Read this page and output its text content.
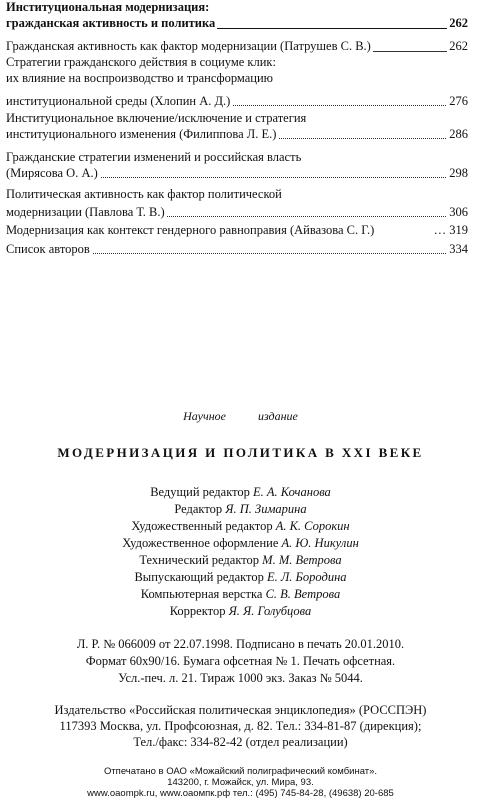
Институциональная модернизация:
гражданская активность и политика	262
Гражданская активность как фактор модернизации (Патрушев С. В.)	262
Стратегии гражданского действия в социуме клик:
их влияние на воспроизводство и трансформацию
институциональной среды (Хлопин А. Д.)	276
Институциональное включение/исключение и стратегия
институционального изменения (Филиппова Л. Е.)	286
Гражданские стратегии изменений и российская власть
(Мирясова О. А.)	298
Политическая активность как фактор политической
модернизации (Павлова Т. В.)	306
Модернизация как контекст гендерного равноправия (Айвазова С. Г.)	… 319
Список авторов	334
Научное	издание
МОДЕРНИЗАЦИЯ И ПОЛИТИКА В XXI ВЕКЕ
Ведущий редактор Е. А. Кочанова
Редактор Я. П. Зимарина
Художественный редактор А. К. Сорокин
Художественное оформление А. Ю. Никулин
Технический редактор М. М. Ветрова
Выпускающий редактор Е. Л. Бородина
Компьютерная верстка С. В. Ветрова
Корректор Я. Я. Голубцова
Л. Р. № 066009 от 22.07.1998. Подписано в печать 20.01.2010.
Формат 60х90/16. Бумага офсетная № 1. Печать офсетная.
Усл.-печ. л. 21. Тираж 1000 экз. Заказ № 5044.
Издательство «Российская политическая энциклопедия» (РОССПЭН)
117393 Москва, ул. Профсоюзная, д. 82. Тел.: 334-81-87 (дирекция);
Тел./факс: 334-82-42 (отдел реализации)
Отпечатано в ОАО «Можайский полиграфический комбинат».
143200, г. Можайск, ул. Мира, 93.
www.oaompk.ru, www.оаомпк.рф тел.: (495) 745-84-28, (49638) 20-685
